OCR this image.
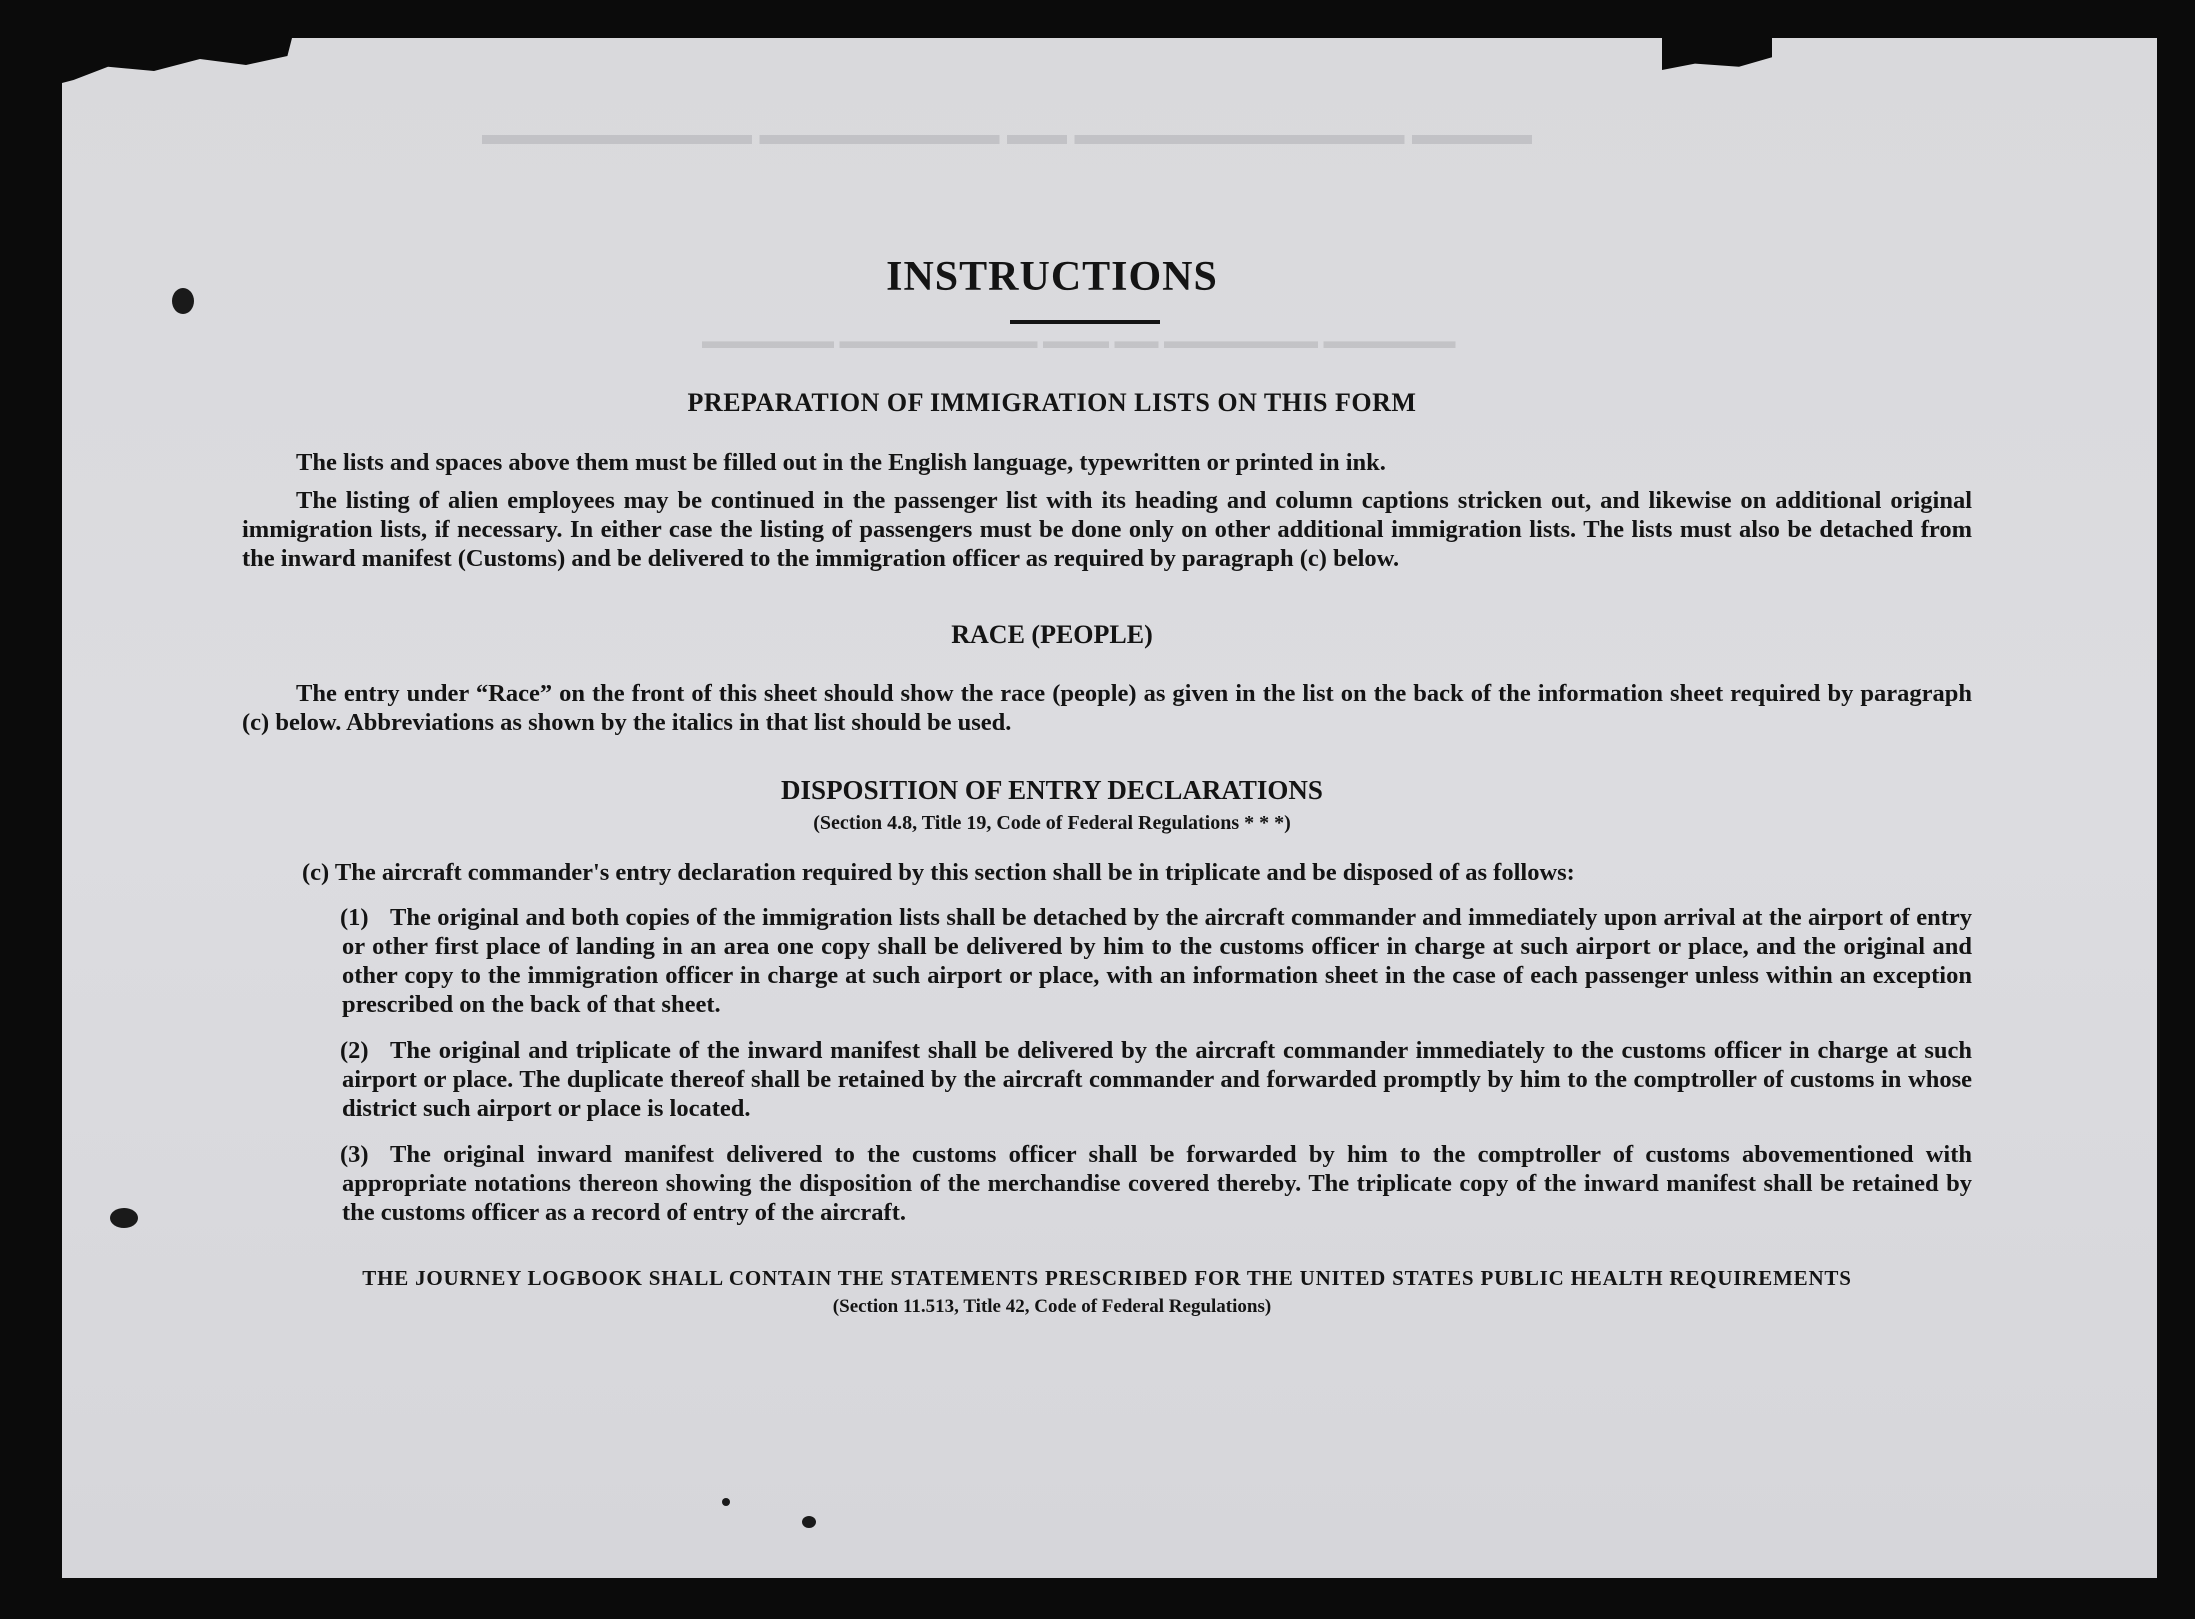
▬▬▬▬ ▬▬▬▬▬▬▬▬▬▬▬ ▬▬ ▬▬▬▬▬▬▬▬ ▬▬▬▬▬▬▬▬▬
▬▬▬▬▬▬ ▬▬▬▬▬▬▬ ▬▬ ▬▬▬ ▬▬▬▬▬▬▬▬▬ ▬▬▬▬▬▬
INSTRUCTIONS
PREPARATION OF IMMIGRATION LISTS ON THIS FORM
The lists and spaces above them must be filled out in the English language, typewritten or printed in ink.
The listing of alien employees may be continued in the passenger list with its heading and column captions stricken out, and likewise on additional original immigration lists, if necessary. In either case the listing of passengers must be done only on other additional immigration lists. The lists must also be detached from the inward manifest (Customs) and be delivered to the immigration officer as required by paragraph (c) below.
RACE (PEOPLE)
The entry under “Race” on the front of this sheet should show the race (people) as given in the list on the back of the information sheet required by paragraph (c) below. Abbreviations as shown by the italics in that list should be used.
DISPOSITION OF ENTRY DECLARATIONS
(Section 4.8, Title 19, Code of Federal Regulations * * *)
(c) The aircraft commander's entry declaration required by this section shall be in triplicate and be disposed of as follows:
(1) The original and both copies of the immigration lists shall be detached by the aircraft commander and immediately upon arrival at the airport of entry or other first place of landing in an area one copy shall be delivered by him to the customs officer in charge at such airport or place, and the original and other copy to the immigration officer in charge at such airport or place, with an information sheet in the case of each passenger unless within an exception prescribed on the back of that sheet.
(2) The original and triplicate of the inward manifest shall be delivered by the aircraft commander immediately to the customs officer in charge at such airport or place. The duplicate thereof shall be retained by the aircraft commander and forwarded promptly by him to the comptroller of customs in whose district such airport or place is located.
(3) The original inward manifest delivered to the customs officer shall be forwarded by him to the comptroller of customs abovementioned with appropriate notations thereon showing the disposition of the merchandise covered thereby. The triplicate copy of the inward manifest shall be retained by the customs officer as a record of entry of the aircraft.
THE JOURNEY LOGBOOK SHALL CONTAIN THE STATEMENTS PRESCRIBED FOR THE UNITED STATES PUBLIC HEALTH REQUIREMENTS
(Section 11.513, Title 42, Code of Federal Regulations)
